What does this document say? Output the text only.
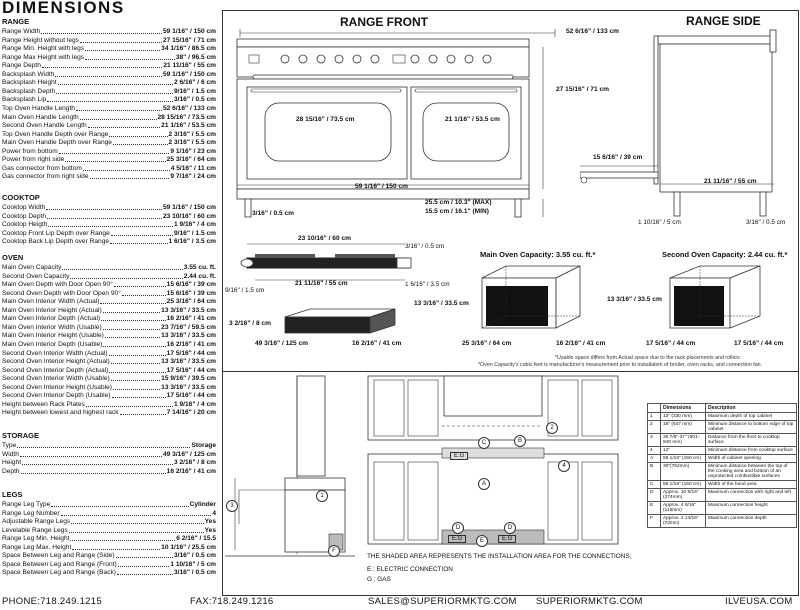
DIMENSIONS
RANGE
Range Width	59 1/16" / 150 cm
Range Height without legs	27 15/16" / 71 cm
Range Min. Height with legs	34 1/16" / 86.5 cm
Range Max Height with legs	38" / 96.5 cm
Range Depth	21 11/16" / 55 cm
Backsplash Width	59 1/16" / 150 cm
Backsplash Height	2 6/16" / 6 cm
Backsplash Depth	9/16" / 1.5 cm
Backsplash Lip	3/16" / 0.5 cm
Top Oven Handle Length	52 6/16" / 133 cm
Main Oven Handle Length	28 15/16" / 73.5 cm
Second Oven Handle Length	21 1/16" / 53.5 cm
Top Oven Handle Depth over Range	2 3/16" / 5.5 cm
Main Oven Handle Depth over Range	2 3/16" / 5.5 cm
Power from bottom	9 1/16" / 23 cm
Power from right side	25 3/16" / 64 cm
Gas connector from bottom	4 5/16" / 11 cm
Gas connector from right side	9 7/16" / 24 cm
COOKTOP
Cooktop Width	59 1/16" / 150 cm
Cooktop Depth	23 10/16" / 60 cm
Cooktop Heigth	1 9/16" / 4 cm
Cooktop Front Lip Depth over Range	9/16" / 1.5 cm
Cooktop Back Lip Depth over Range	1 6/16" / 3.5 cm
OVEN
Main Oven Capacity	3.55 cu. ft.
Second Oven Capacity	2.44 cu. ft.
Main Oven Depth with Door Open 90°	15 6/16" / 39 cm
Second Oven Depth with Door Open 90°	15 6/16" / 39 cm
Main Oven Interior Width (Actual)	25 3/16" / 64 cm
Main Oven Interior Height (Actual)	13 3/16" / 33.5 cm
Main Oven Interior Depth (Actual)	16 2/16" / 41 cm
Main Oven Interior Width (Usable)	23 7/16" / 59.5 cm
Main Oven Interior Height (Usable)	13 3/16" / 33.5 cm
Main Oven Interior Depth (Usable)	16 2/16" / 41 cm
Second Oven Interior Width (Actual)	17 5/16" / 44 cm
Second Oven Interior Height (Actual)	13 3/16" / 33.5 cm
Second Oven Interior Depth (Actual)	17 5/16" / 44 cm
Second Oven Interior Width (Usable)	15 9/16" / 39.5 cm
Second Oven Interior Height (Usable)	13 3/16" / 33.5 cm
Second Oven Interior Depth (Usable)	17 5/16" / 44 cm
Height between Rack Plates	1 9/16" / 4 cm
Height between lowest and highest rack	7 14/16" / 20 cm
STORAGE
Type	Storage
Width	49 3/16" / 125 cm
Height	3 2/16" / 8 cm
Depth	16 2/16" / 41 cm
LEGS
Range Leg Type	Cylinder
Range Leg Number	4
Adjustable Range Legs	Yes
Levelable Range Legs	Yes
Range Leg Min. Height	6 2/16" / 15.5
Range Leg Max. Height	10 1/16" / 25.5 cm
Space Between Leg and Range (Side)	3/16" / 0.5 cm
Space Between Leg and Range (Front)	1 10/16" / 5 cm
Space Between Leg and Range (Back)	3/16" / 0.5 cm
RANGE FRONT
52 6/16" / 133 cm
27 15/16" / 71 cm
28 15/16" / 73.5 cm	21 1/16" / 53.5 cm
59 1/16" / 150 cm
3/16" / 0.5 cm
25.5 cm / 10.3" (MAX)
15.5 cm / 16.1" (MIN)
RANGE SIDE
15 6/16" / 39 cm
21 11/16" / 55 cm
1 10/16" / 5 cm	3/16" / 0.5 cm
23 10/16" / 60 cm
3/16" / 0.5 cm
21 11/16" / 55 cm
9/16" / 1.5 cm
1 6/16" / 3.5 cm
3 2/16" / 8 cm
49 3/16" / 125 cm	16 2/16" / 41 cm
Main Oven Capacity: 3.55 cu. ft.*
13 3/16" / 33.5 cm
25 3/16" / 64 cm	16 2/16" / 41 cm
Second Oven Capacity: 2.44 cu. ft.*
13 3/16" / 33.5 cm
17 5/16" / 44 cm	17 5/16" / 44 cm
*Usable space differs from Actual space due to the rack placements and rollers
*Oven Capacity's cubic feet is manufacturer's measurement prior to installation of broiler, oven racks, and connection fan.
1
3
F
C	B
2
4
A
D
E
D
E.G
E.G	E.G
THE SHADED AREA REPRESENTS THE INSTALLATION AREA FOR THE CONNECTIONS;
E ; ELECTRIC CONNECTION
G ; GAS
	Dimensions	Description
1	13" (330 mm)	Maximum depth of top cabinet
2	18" (547 mm)	Minimum distance to bottom edge of top cabinet
3	35 7/8"-37" (901-940 mm)	Distance from the floor to cooktop surface
4	12"	Minimum distance from cooktop surface
A	59 1/16" (150 cm)	Width of cabinet opening
B	30"(762mm)	Minimum distance between the top of the cooking area and bottom of an unprotected combustible surfaces
C	59 1/16" (150 cm)	Width of the hood area
D	Approx. 10 9/16" (274mm)	Maximum connection with right and left
E	Approx. 4 9/16" (115mm)	Maximum connection height
F	Approx. 2 13/16" (72mm)	Maximum connection depth
PHONE:718.249.1215	FAX:718.249.1216	SALES@SUPERIORMKTG.COM SUPERIORMKTG.COM	ILVEUSA.COM
